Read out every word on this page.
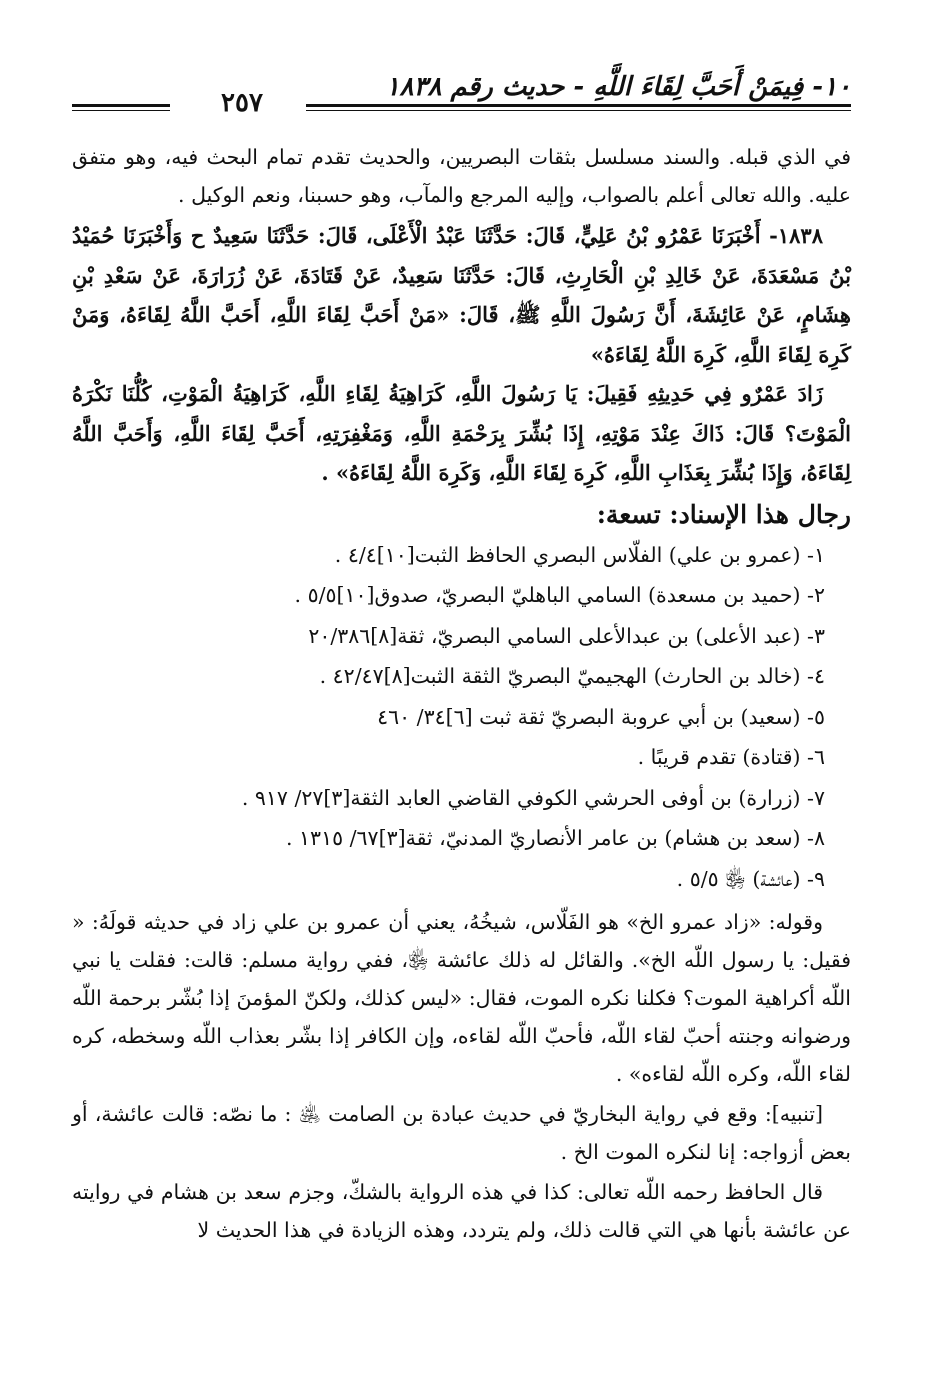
١٠- فِيمَنْ أَحَبَّ لِقَاءَ اللَّهِ - حديث رقم ١٨٣٨
٢٥٧

في الذي قبله. والسند مسلسل بثقات البصريين، والحديث تقدم تمام البحث فيه، وهو متفق عليه. والله تعالى أعلم بالصواب، وإليه المرجع والمآب، وهو حسبنا، ونعم الوكيل .

١٨٣٨- أَخْبَرَنَا عَمْرُو بْنُ عَلِيٍّ، قَالَ: حَدَّثَنَا عَبْدُ الْأَعْلَى، قَالَ: حَدَّثَنَا سَعِيدٌ ح وَأَخْبَرَنَا حُمَيْدُ بْنُ مَسْعَدَةَ، عَنْ خَالِدِ بْنِ الْحَارِثِ، قَالَ: حَدَّثَنَا سَعِيدٌ، عَنْ قَتَادَةَ، عَنْ زُرَارَةَ، عَنْ سَعْدِ بْنِ هِشَامٍ، عَنْ عَائِشَةَ، أَنَّ رَسُولَ اللَّهِ ﷺ، قَالَ: «مَنْ أَحَبَّ لِقَاءَ اللَّهِ، أَحَبَّ اللَّهُ لِقَاءَهُ، وَمَنْ كَرِهَ لِقَاءَ اللَّهِ، كَرِهَ اللَّهُ لِقَاءَهُ»

زَادَ عَمْرٌو فِي حَدِيثِهِ فَقِيلَ: يَا رَسُولَ اللَّهِ، كَرَاهِيَةُ لِقَاءِ اللَّهِ، كَرَاهِيَةُ الْمَوْتِ، كُلُّنَا نَكْرَهُ الْمَوْتَ؟ قَالَ: ذَاكَ عِنْدَ مَوْتِهِ، إِذَا بُشِّرَ بِرَحْمَةِ اللَّهِ، وَمَغْفِرَتِهِ، أَحَبَّ لِقَاءَ اللَّهِ، وَأَحَبَّ اللَّهُ لِقَاءَهُ، وَإِذَا بُشِّرَ بِعَذَابِ اللَّهِ، كَرِهَ لِقَاءَ اللَّهِ، وَكَرِهَ اللَّهُ لِقَاءَهُ» .

رجال هذا الإسناد: تسعة:
١- (عمرو بن علي) الفلّاس البصري الحافظ الثبت[١٠]٤/٤ .
٢- (حميد بن مسعدة) السامي الباهليّ البصريّ، صدوق[١٠]٥/٥ .
٣- (عبد الأعلى) بن عبدالأعلى السامي البصريّ، ثقة[٨]٢٠/٣٨٦
٤- (خالد بن الحارث) الهجيميّ البصريّ الثقة الثبت[٨]٤٢/٤٧ .
٥- (سعيد) بن أبي عروبة البصريّ ثقة ثبت [٦]٣٤/ ٤٦٠
٦- (قتادة) تقدم قريبًا .
٧- (زرارة) بن أوفى الحرشي الكوفي القاضي العابد الثقة[٣]٢٧/ ٩١٧ .
٨- (سعد بن هشام) بن عامر الأنصاريّ المدنيّ، ثقة[٣]٦٧/ ١٣١٥ .
٩- (عائشة) ﵂ ٥/٥ .

وقوله: «زاد عمرو الخ» هو الفَلّاس، شيخُهُ، يعني أن عمرو بن علي زاد في حديثه قولَهُ: « فقيل: يا رسول اللّه الخ». والقائل له ذلك عائشة ﵂، ففي رواية مسلم: قالت: فقلت يا نبي اللّه أكراهية الموت؟ فكلنا نكره الموت، فقال: «ليس كذلك، ولكنّ المؤمنَ إذا بُشّر برحمة اللّه ورضوانه وجنته أحبّ لقاء اللّه، فأحبّ اللّه لقاءه، وإن الكافر إذا بشّر بعذاب اللّه وسخطه، كره لقاء اللّه، وكره اللّه لقاءه» .

[تنبيه]: وقع في رواية البخاريّ في حديث عبادة بن الصامت ﵁ : ما نصّه: قالت عائشة، أو بعض أزواجه: إنا لنكره الموت الخ .

قال الحافظ رحمه اللّه تعالى: كذا في هذه الرواية بالشكّ، وجزم سعد بن هشام في روايته عن عائشة بأنها هي التي قالت ذلك، ولم يتردد، وهذه الزيادة في هذا الحديث لا
